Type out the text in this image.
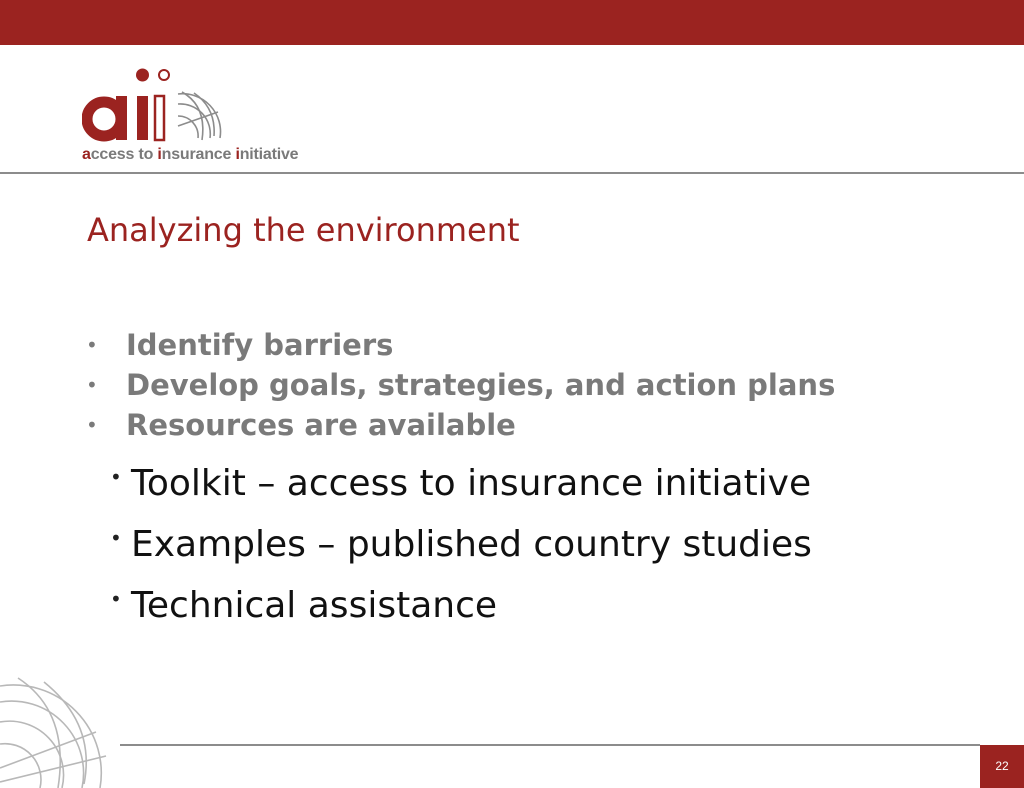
access to insurance initiative
Analyzing the environment
• Identify barriers
• Develop goals, strategies, and action plans
• Resources are available
• Toolkit – access to insurance initiative
• Examples – published country studies
• Technical assistance
22
